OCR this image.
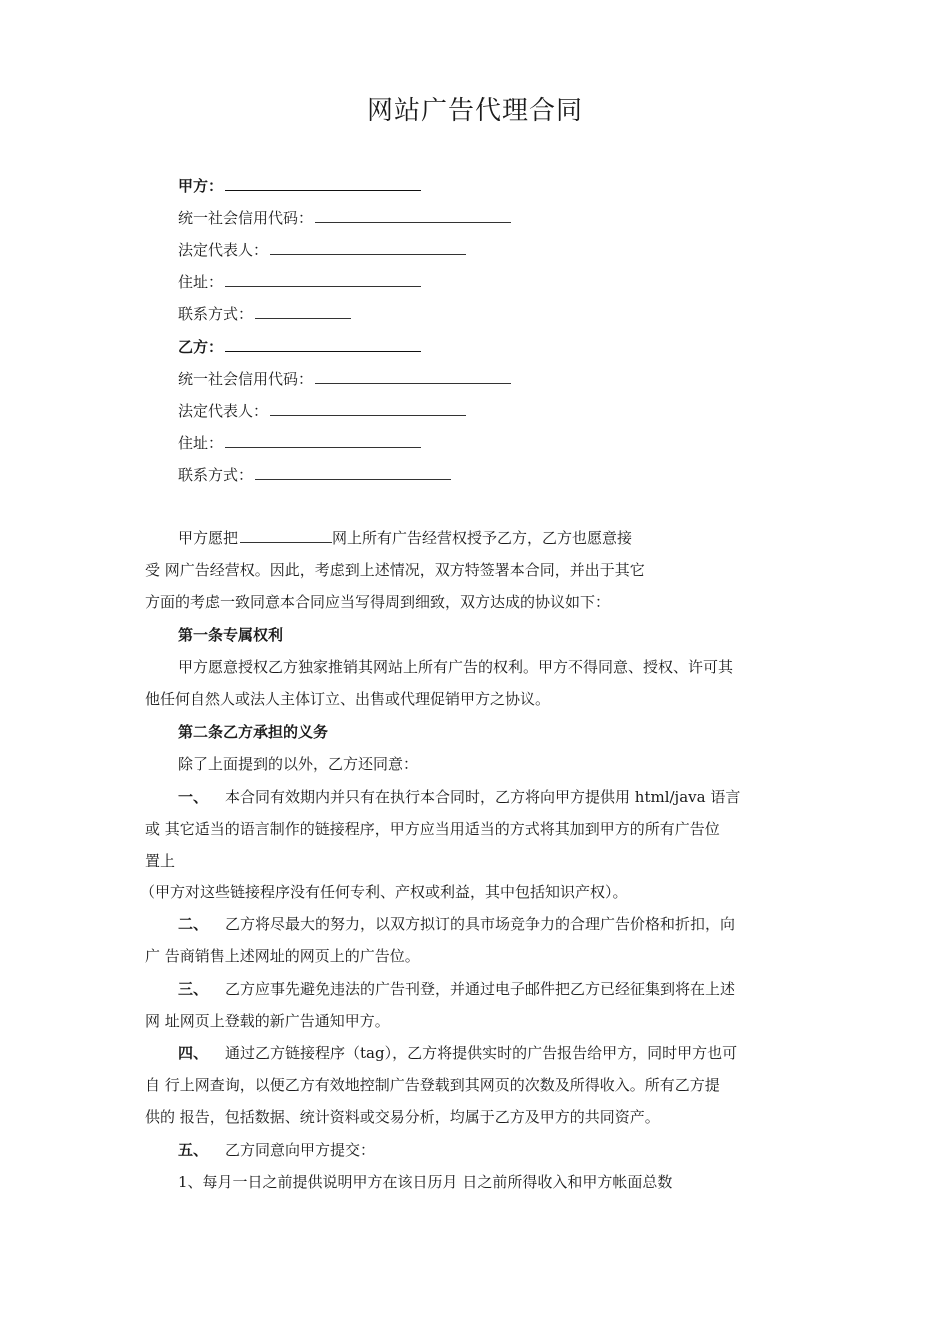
网站广告代理合同
甲方：
统一社会信用代码：
法定代表人：
住址：
联系方式：
乙方：
统一社会信用代码：
法定代表人：
住址：
联系方式：
甲方愿把	网上所有广告经营权授予乙方，乙方也愿意接
受 网广告经营权。因此，考虑到上述情况，双方特签署本合同，并出于其它
方面的考虑一致同意本合同应当写得周到细致，双方达成的协议如下：
第一条专属权利
甲方愿意授权乙方独家推销其网站上所有广告的权利。甲方不得同意、授权、许可其
他任何自然人或法人主体订立、出售或代理促销甲方之协议。
第二条乙方承担的义务
除了上面提到的以外，乙方还同意：
一、 本合同有效期内并只有在执行本合同时，乙方将向甲方提供用 html/java 语言
或 其它适当的语言制作的链接程序，甲方应当用适当的方式将其加到甲方的所有广告位
置上
（甲方对这些链接程序没有任何专利、产权或利益，其中包括知识产权）。
二、 乙方将尽最大的努力，以双方拟订的具市场竞争力的合理广告价格和折扣，向
广 告商销售上述网址的网页上的广告位。
三、 乙方应事先避免违法的广告刊登，并通过电子邮件把乙方已经征集到将在上述
网 址网页上登载的新广告通知甲方。
四、 通过乙方链接程序（tag），乙方将提供实时的广告报告给甲方，同时甲方也可
自 行上网查询，以便乙方有效地控制广告登载到其网页的次数及所得收入。所有乙方提
供的 报告，包括数据、统计资料或交易分析，均属于乙方及甲方的共同资产。
五、 乙方同意向甲方提交：
1、每月一日之前提供说明甲方在该日历月 日之前所得收入和甲方帐面总数
